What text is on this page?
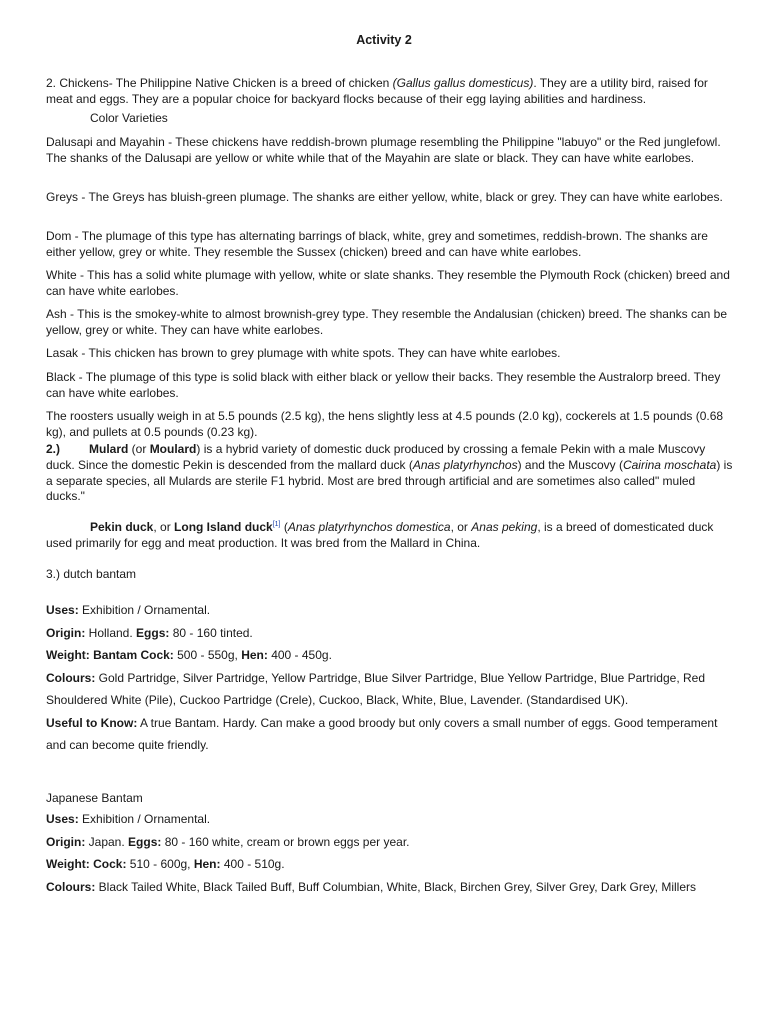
Activity 2

2. Chickens- The Philippine Native Chicken is a breed of chicken (Gallus gallus domesticus). They are a utility bird, raised for meat and eggs. They are a popular choice for backyard flocks because of their egg laying abilities and hardiness.

Color Varieties

Dalusapi and Mayahin - These chickens have reddish-brown plumage resembling the Philippine "labuyo" or the Red junglefowl. The shanks of the Dalusapi are yellow or white while that of the Mayahin are slate or black. They can have white earlobes.

Greys - The Greys has bluish-green plumage. The shanks are either yellow, white, black or grey. They can have white earlobes.

Dom - The plumage of this type has alternating barrings of black, white, grey and sometimes, reddish-brown. The shanks are either yellow, grey or white. They resemble the Sussex (chicken) breed and can have white earlobes.

White - This has a solid white plumage with yellow, white or slate shanks. They resemble the Plymouth Rock (chicken) breed and can have white earlobes.

Ash - This is the smokey-white to almost brownish-grey type. They resemble the Andalusian (chicken) breed. The shanks can be yellow, grey or white. They can have white earlobes.

Lasak - This chicken has brown to grey plumage with white spots. They can have white earlobes.

Black - The plumage of this type is solid black with either black or yellow their backs. They resemble the Australorp breed. They can have white earlobes.

The roosters usually weigh in at 5.5 pounds (2.5 kg), the hens slightly less at 4.5 pounds (2.0 kg), cockerels at 1.5 pounds (0.68 kg), and pullets at 0.5 pounds (0.23 kg).

2.) Mulard (or Moulard) is a hybrid variety of domestic duck produced by crossing a female Pekin with a male Muscovy duck. Since the domestic Pekin is descended from the mallard duck (Anas platyrhynchos) and the Muscovy (Cairina moschata) is a separate species, all Mulards are sterile F1 hybrid. Most are bred through artificial and are sometimes also called" muled ducks."

Pekin duck, or Long Island duck[1] (Anas platyrhynchos domestica, or Anas peking, is a breed of domesticated duck used primarily for egg and meat production. It was bred from the Mallard in China.

3.) dutch bantam

Uses: Exhibition / Ornamental.
Origin: Holland. Eggs: 80 - 160 tinted.
Weight: Bantam Cock: 500 - 550g, Hen: 400 - 450g.
Colours: Gold Partridge, Silver Partridge, Yellow Partridge, Blue Silver Partridge, Blue Yellow Partridge, Blue Partridge, Red Shouldered White (Pile), Cuckoo Partridge (Crele), Cuckoo, Black, White, Blue, Lavender. (Standardised UK).
Useful to Know: A true Bantam. Hardy. Can make a good broody but only covers a small number of eggs. Good temperament and can become quite friendly.

Japanese Bantam

Uses: Exhibition / Ornamental.
Origin: Japan. Eggs: 80 - 160 white, cream or brown eggs per year.
Weight: Cock: 510 - 600g, Hen: 400 - 510g.
Colours: Black Tailed White, Black Tailed Buff, Buff Columbian, White, Black, Birchen Grey, Silver Grey, Dark Grey, Millers
